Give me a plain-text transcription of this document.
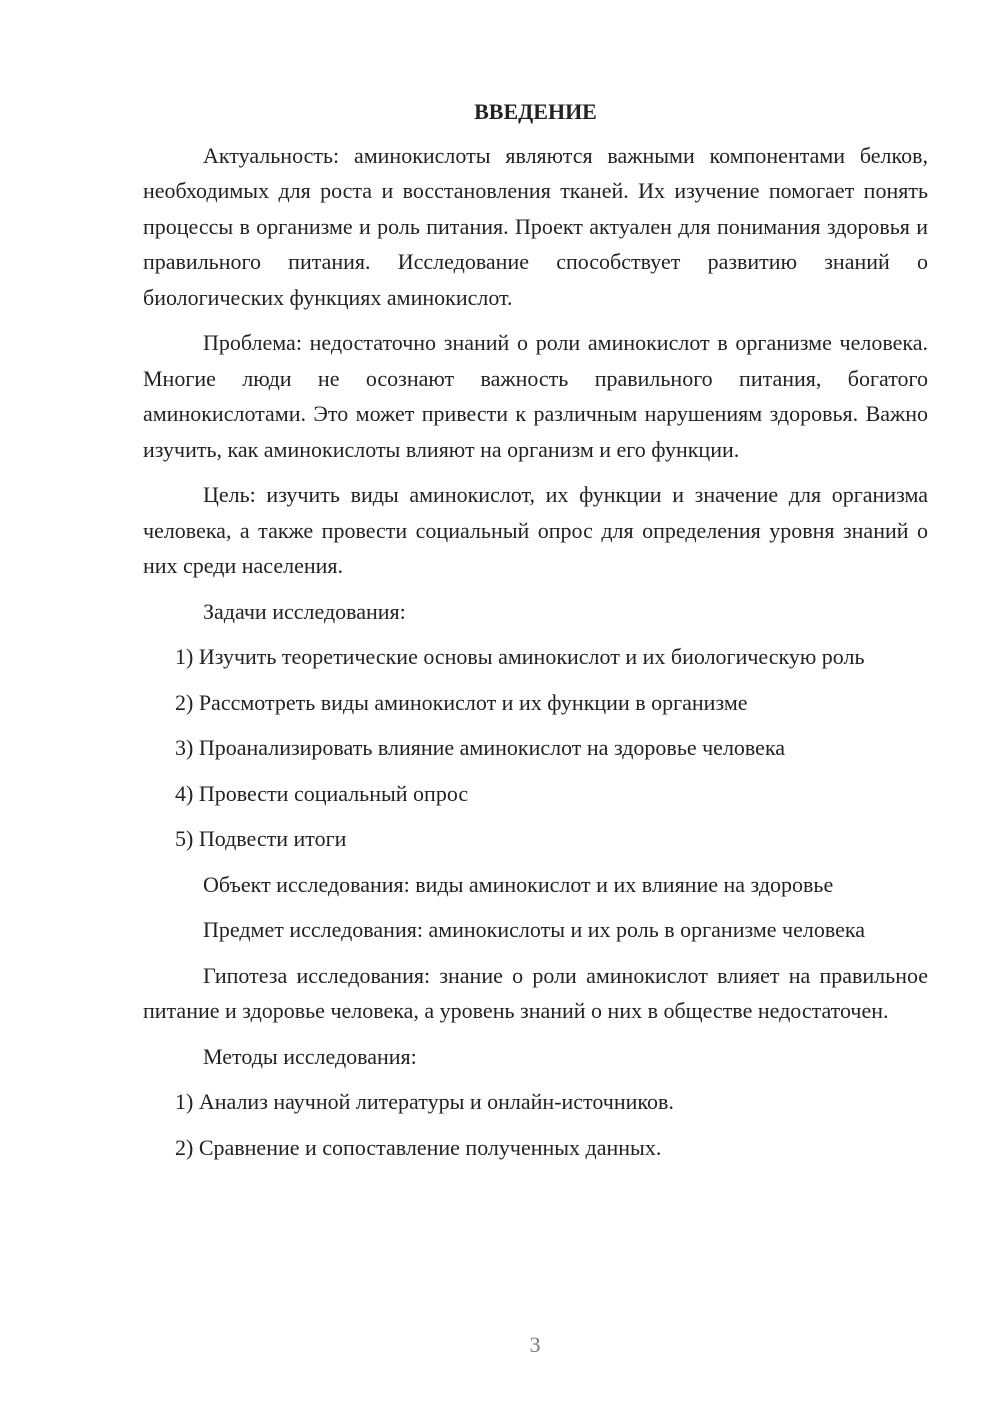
ВВЕДЕНИЕ

Актуальность: аминокислоты являются важными компонентами белков, необходимых для роста и восстановления тканей. Их изучение помогает понять процессы в организме и роль питания. Проект актуален для понимания здоровья и правильного питания. Исследование способствует развитию знаний о биологических функциях аминокислот.

Проблема: недостаточно знаний о роли аминокислот в организме человека. Многие люди не осознают важность правильного питания, богатого аминокислотами. Это может привести к различным нарушениям здоровья. Важно изучить, как аминокислоты влияют на организм и его функции.

Цель: изучить виды аминокислот, их функции и значение для организма человека, а также провести социальный опрос для определения уровня знаний о них среди населения.

Задачи исследования:

1) Изучить теоретические основы аминокислот и их биологическую роль

2) Рассмотреть виды аминокислот и их функции в организме

3) Проанализировать влияние аминокислот на здоровье человека

4) Провести социальный опрос

5) Подвести итоги

Объект исследования: виды аминокислот и их влияние на здоровье

Предмет исследования: аминокислоты и их роль в организме человека

Гипотеза исследования: знание о роли аминокислот влияет на правильное питание и здоровье человека, а уровень знаний о них в обществе недостаточен.

Методы исследования:

1) Анализ научной литературы и онлайн-источников.

2) Сравнение и сопоставление полученных данных.

3
